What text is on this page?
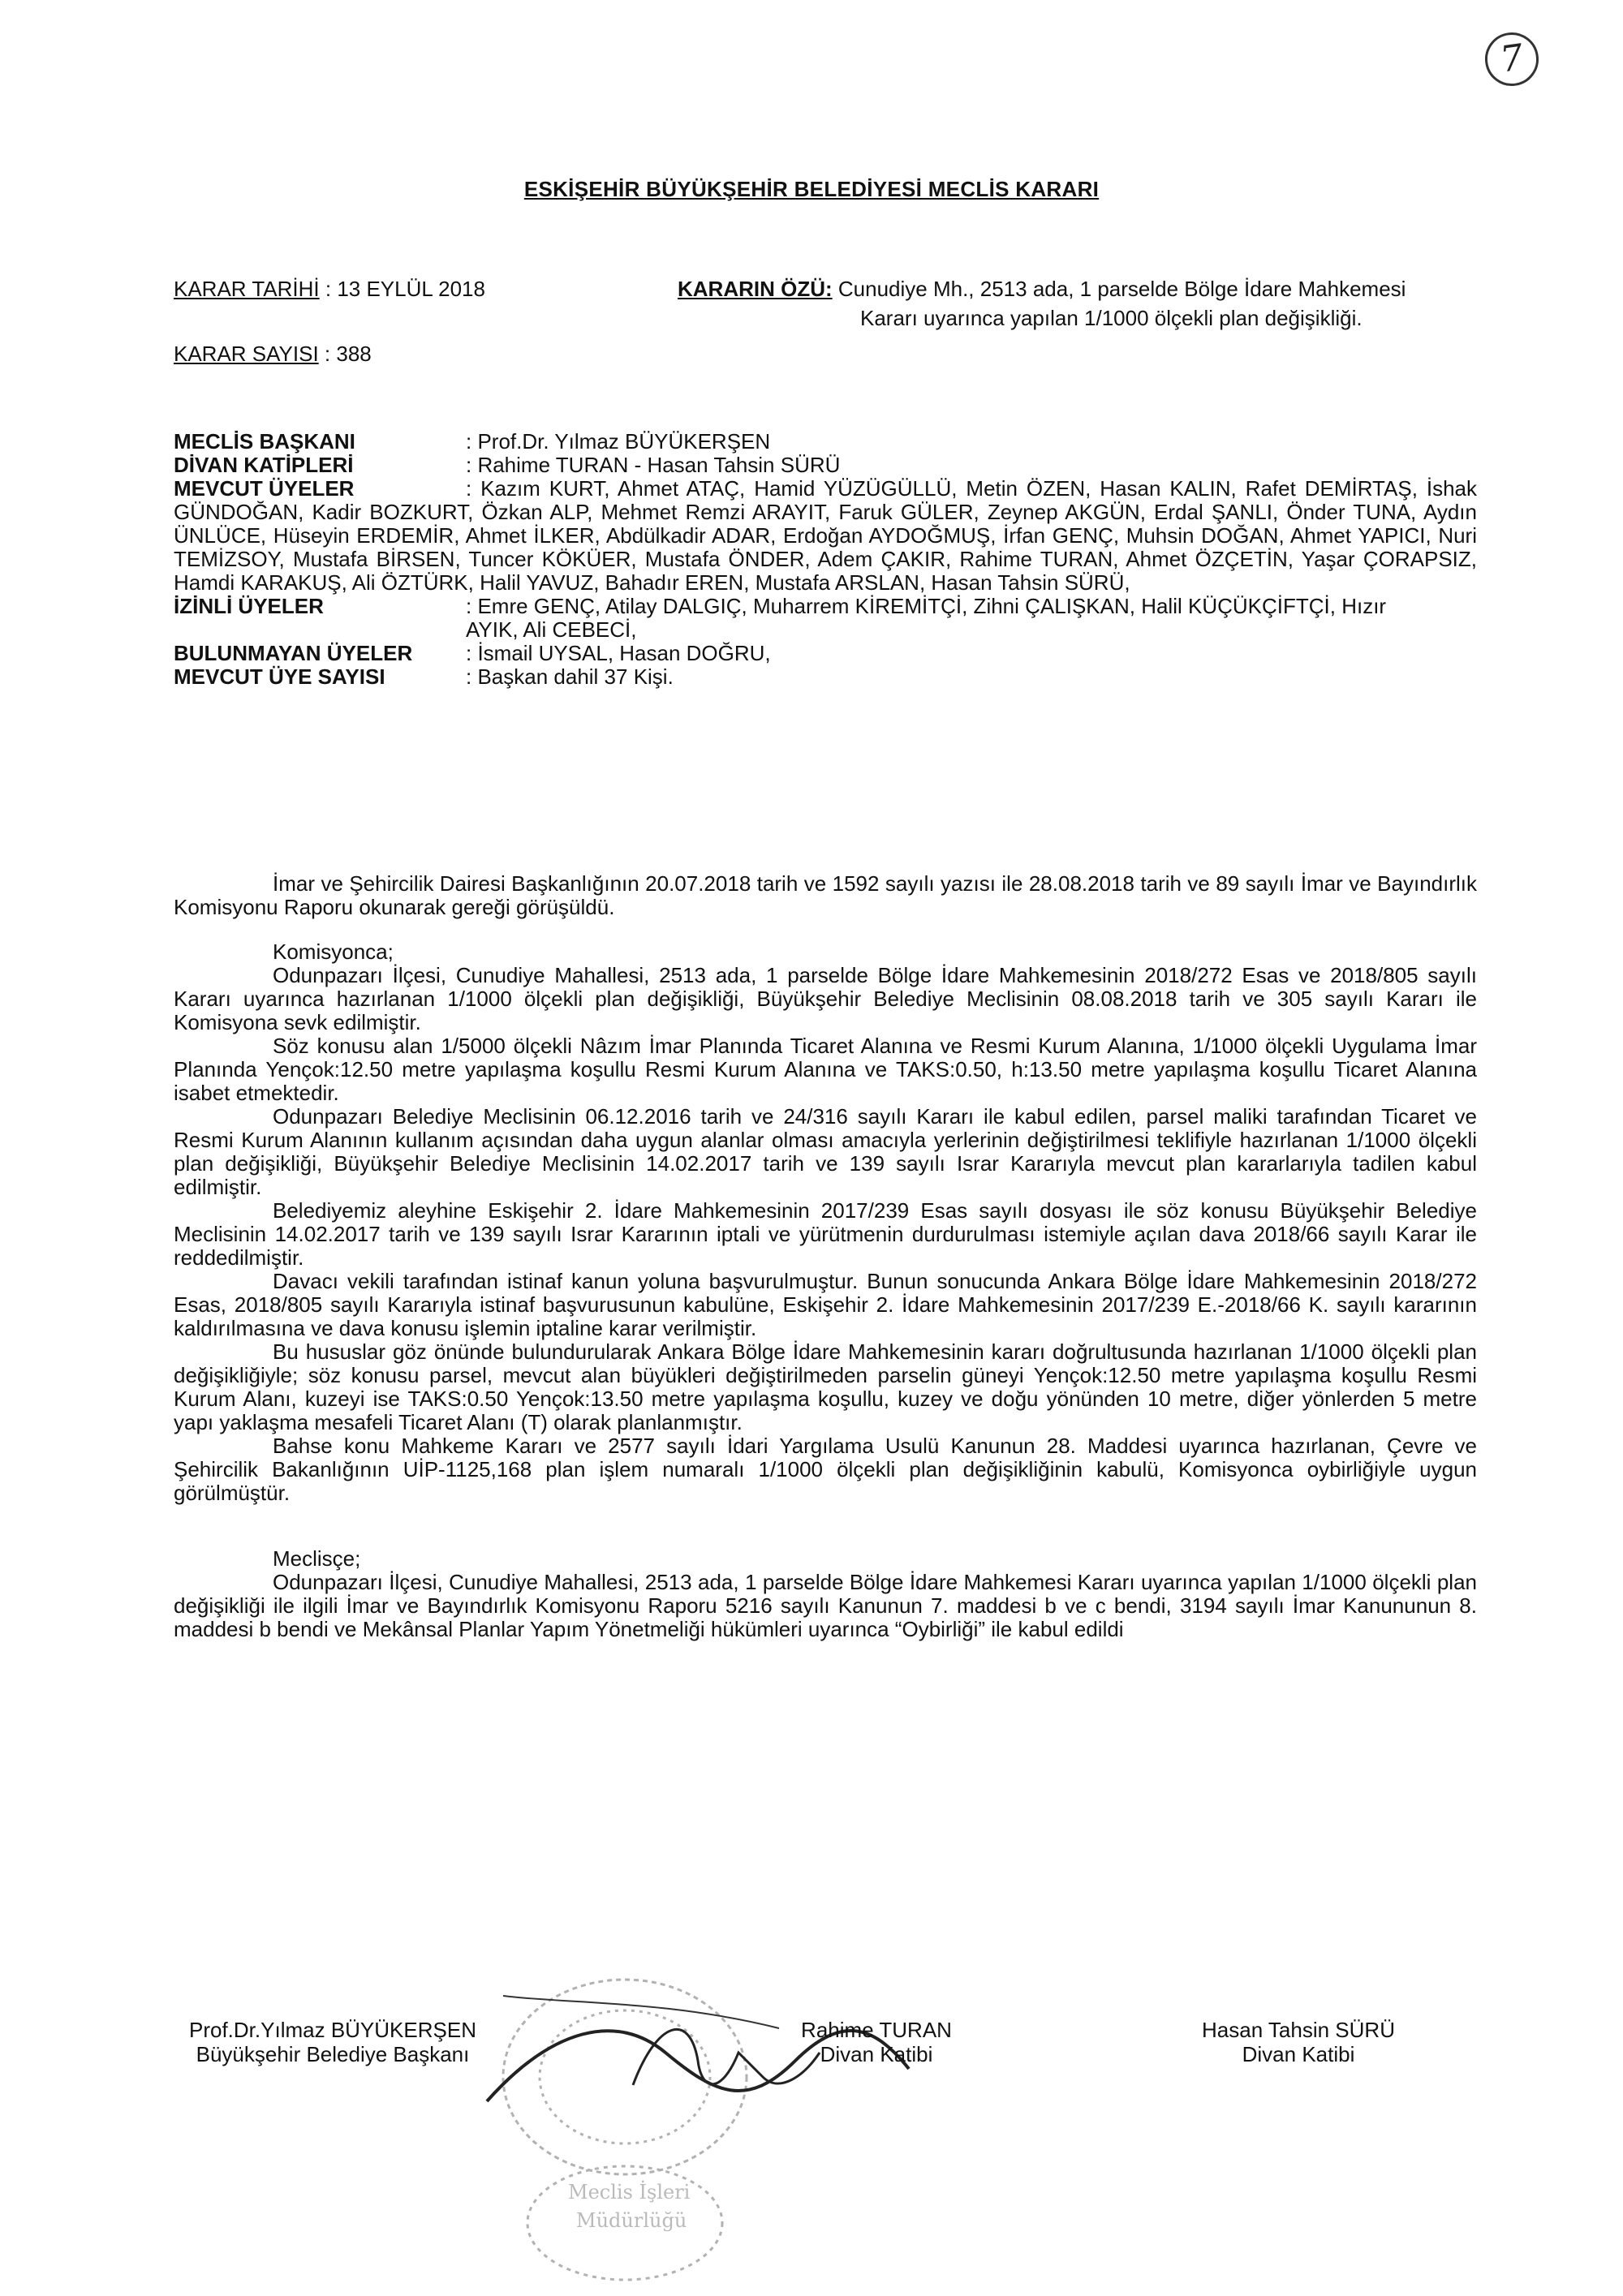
7
ESKİŞEHİR BÜYÜKŞEHİR BELEDİYESİ MECLİS KARARI
KARAR TARİHİ : 13 EYLÜL 2018
KARAR SAYISI : 388
KARARIN ÖZÜ: Cunudiye Mh., 2513 ada, 1 parselde Bölge İdare Mahkemesi
Kararı uyarınca yapılan 1/1000 ölçekli plan değişikliği.
MECLİS BAŞKANI	: Prof.Dr. Yılmaz BÜYÜKERŞEN
DİVAN KATİPLERİ	: Rahime TURAN - Hasan Tahsin SÜRÜ
MEVCUT ÜYELER	: Kazım KURT, Ahmet ATAÇ, Hamid YÜZÜGÜLLÜ, Metin ÖZEN, Hasan KALIN, Rafet DEMİRTAŞ, İshak GÜNDOĞAN, Kadir BOZKURT, Özkan ALP, Mehmet Remzi ARAYIT, Faruk GÜLER, Zeynep AKGÜN, Erdal ŞANLI, Önder TUNA, Aydın ÜNLÜCE, Hüseyin ERDEMİR, Ahmet İLKER, Abdülkadir ADAR, Erdoğan AYDOĞMUŞ, İrfan GENÇ, Muhsin DOĞAN, Ahmet YAPICI, Nuri TEMİZSOY, Mustafa BİRSEN, Tuncer KÖKÜER, Mustafa ÖNDER, Adem ÇAKIR, Rahime TURAN, Ahmet ÖZÇETİN, Yaşar ÇORAPSIZ, Hamdi KARAKUŞ, Ali ÖZTÜRK, Halil YAVUZ, Bahadır EREN, Mustafa ARSLAN, Hasan Tahsin SÜRÜ,
İZİNLİ ÜYELER	: Emre GENÇ, Atilay DALGIÇ, Muharrem KİREMİTÇİ, Zihni ÇALIŞKAN, Halil KÜÇÜKÇİFTÇİ, Hızır
AYIK, Ali CEBECİ,
BULUNMAYAN ÜYELER	: İsmail UYSAL, Hasan DOĞRU,
MEVCUT ÜYE SAYISI	: Başkan dahil 37 Kişi.

İmar ve Şehircilik Dairesi Başkanlığının 20.07.2018 tarih ve 1592 sayılı yazısı ile 28.08.2018 tarih ve 89 sayılı İmar ve Bayındırlık Komisyonu Raporu okunarak gereği görüşüldü.

Komisyonca;

Odunpazarı İlçesi, Cunudiye Mahallesi, 2513 ada, 1 parselde Bölge İdare Mahkemesinin 2018/272 Esas ve 2018/805 sayılı Kararı uyarınca hazırlanan 1/1000 ölçekli plan değişikliği, Büyükşehir Belediye Meclisinin 08.08.2018 tarih ve 305 sayılı Kararı ile Komisyona sevk edilmiştir.

Söz konusu alan 1/5000 ölçekli Nâzım İmar Planında Ticaret Alanına ve Resmi Kurum Alanına, 1/1000 ölçekli Uygulama İmar Planında Yençok:12.50 metre yapılaşma koşullu Resmi Kurum Alanına ve TAKS:0.50, h:13.50 metre yapılaşma koşullu Ticaret Alanına isabet etmektedir.

Odunpazarı Belediye Meclisinin 06.12.2016 tarih ve 24/316 sayılı Kararı ile kabul edilen, parsel maliki tarafından Ticaret ve Resmi Kurum Alanının kullanım açısından daha uygun alanlar olması amacıyla yerlerinin değiştirilmesi teklifiyle hazırlanan 1/1000 ölçekli plan değişikliği, Büyükşehir Belediye Meclisinin 14.02.2017 tarih ve 139 sayılı Israr Kararıyla mevcut plan kararlarıyla tadilen kabul edilmiştir.

Belediyemiz aleyhine Eskişehir 2. İdare Mahkemesinin 2017/239 Esas sayılı dosyası ile söz konusu Büyükşehir Belediye Meclisinin 14.02.2017 tarih ve 139 sayılı Israr Kararının iptali ve yürütmenin durdurulması istemiyle açılan dava 2018/66 sayılı Karar ile reddedilmiştir.

Davacı vekili tarafından istinaf kanun yoluna başvurulmuştur. Bunun sonucunda Ankara Bölge İdare Mahkemesinin 2018/272 Esas, 2018/805 sayılı Kararıyla istinaf başvurusunun kabulüne, Eskişehir 2. İdare Mahkemesinin 2017/239 E.-2018/66 K. sayılı kararının kaldırılmasına ve dava konusu işlemin iptaline karar verilmiştir.

Bu hususlar göz önünde bulundurularak Ankara Bölge İdare Mahkemesinin kararı doğrultusunda hazırlanan 1/1000 ölçekli plan değişikliğiyle; söz konusu parsel, mevcut alan büyükleri değiştirilmeden parselin güneyi Yençok:12.50 metre yapılaşma koşullu Resmi Kurum Alanı, kuzeyi ise TAKS:0.50 Yençok:13.50 metre yapılaşma koşullu, kuzey ve doğu yönünden 10 metre, diğer yönlerden 5 metre yapı yaklaşma mesafeli Ticaret Alanı (T) olarak planlanmıştır.

Bahse konu Mahkeme Kararı ve 2577 sayılı İdari Yargılama Usulü Kanunun 28. Maddesi uyarınca hazırlanan, Çevre ve Şehircilik Bakanlığının UİP-1125,168 plan işlem numaralı 1/1000 ölçekli plan değişikliğinin kabulü, Komisyonca oybirliğiyle uygun görülmüştür.

Meclisçe;

Odunpazarı İlçesi, Cunudiye Mahallesi, 2513 ada, 1 parselde Bölge İdare Mahkemesi Kararı uyarınca yapılan 1/1000 ölçekli plan değişikliği ile ilgili İmar ve Bayındırlık Komisyonu Raporu 5216 sayılı Kanunun 7. maddesi b ve c bendi, 3194 sayılı İmar Kanununun 8. maddesi b bendi ve Mekânsal Planlar Yapım Yönetmeliği hükümleri uyarınca “Oybirliği” ile kabul edildi

Meclis İşleri
Müdürlüğü
Prof.Dr.Yılmaz BÜYÜKERŞEN
Büyükşehir Belediye Başkanı
Rahime TURAN
Divan Katibi
Hasan Tahsin SÜRÜ
Divan Katibi
